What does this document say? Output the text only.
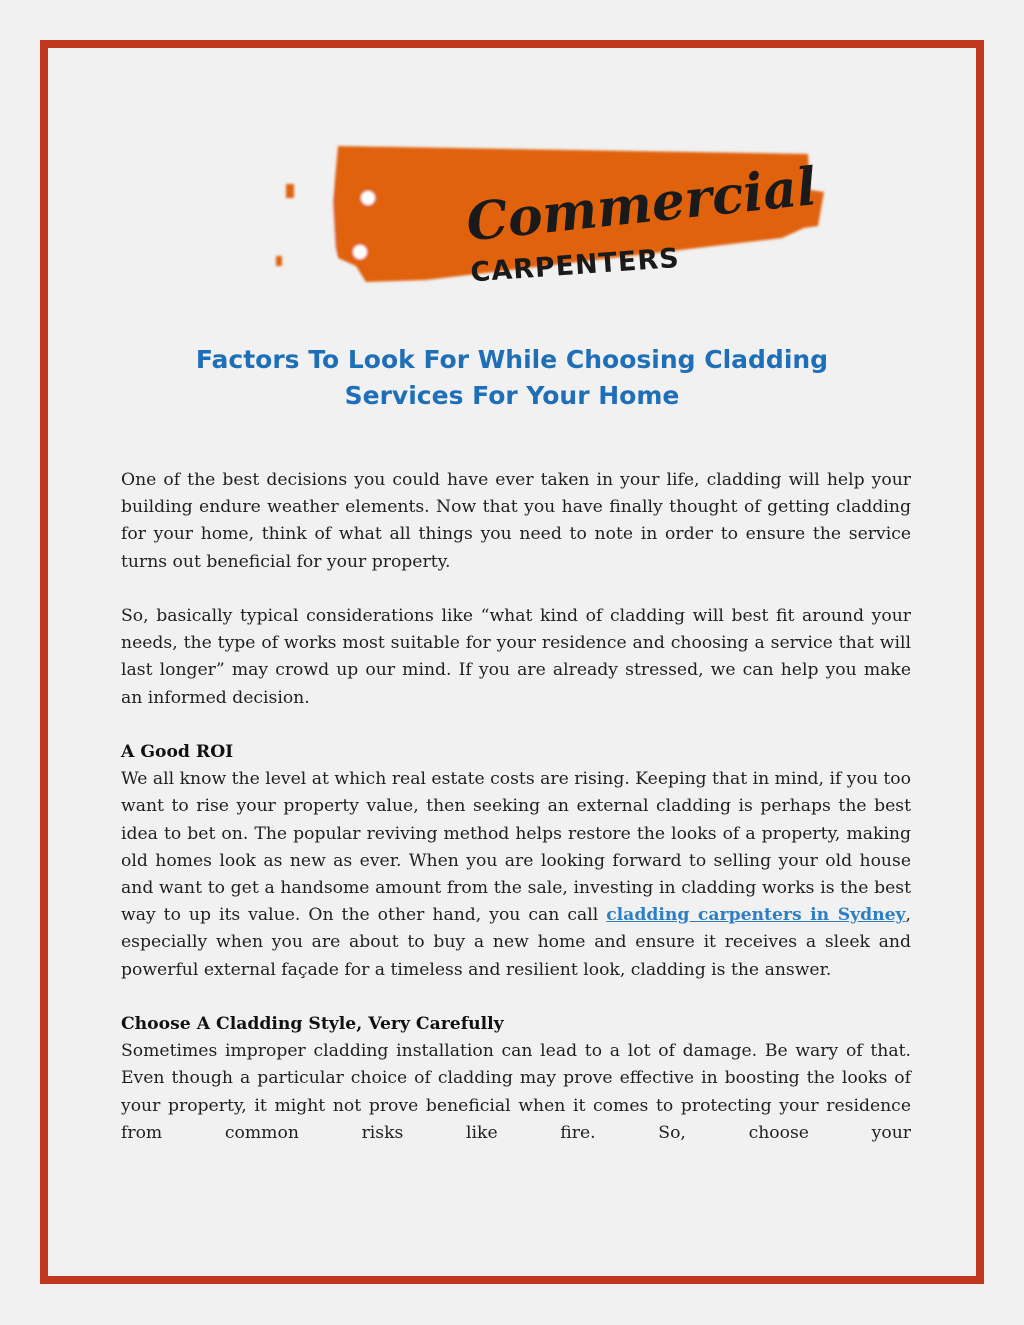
Commercial
CARPENTERS
Factors To Look For While Choosing Cladding
Services For Your Home

One of the best decisions you could have ever taken in your life, cladding will help your building endure weather elements. Now that you have finally thought of getting cladding for your home, think of what all things you need to note in order to ensure the service turns out beneficial for your property.

So, basically typical considerations like “what kind of cladding will best fit around your needs, the type of works most suitable for your residence and choosing a service that will last longer” may crowd up our mind. If you are already stressed, we can help you make an informed decision.

A Good ROI

We all know the level at which real estate costs are rising. Keeping that in mind, if you too want to rise your property value, then seeking an external cladding is perhaps the best idea to bet on. The popular reviving method helps restore the looks of a property, making old homes look as new as ever. When you are looking forward to selling your old house and want to get a handsome amount from the sale, investing in cladding works is the best way to up its value. On the other hand, you can call cladding carpenters in Sydney, especially when you are about to buy a new home and ensure it receives a sleek and powerful external façade for a timeless and resilient look, cladding is the answer.

Choose A Cladding Style, Very Carefully

Sometimes improper cladding installation can lead to a lot of damage. Be wary of that. Even though a particular choice of cladding may prove effective in boosting the looks of your property, it might not prove beneficial when it comes to protecting your residence from common risks like fire. So, choose your
